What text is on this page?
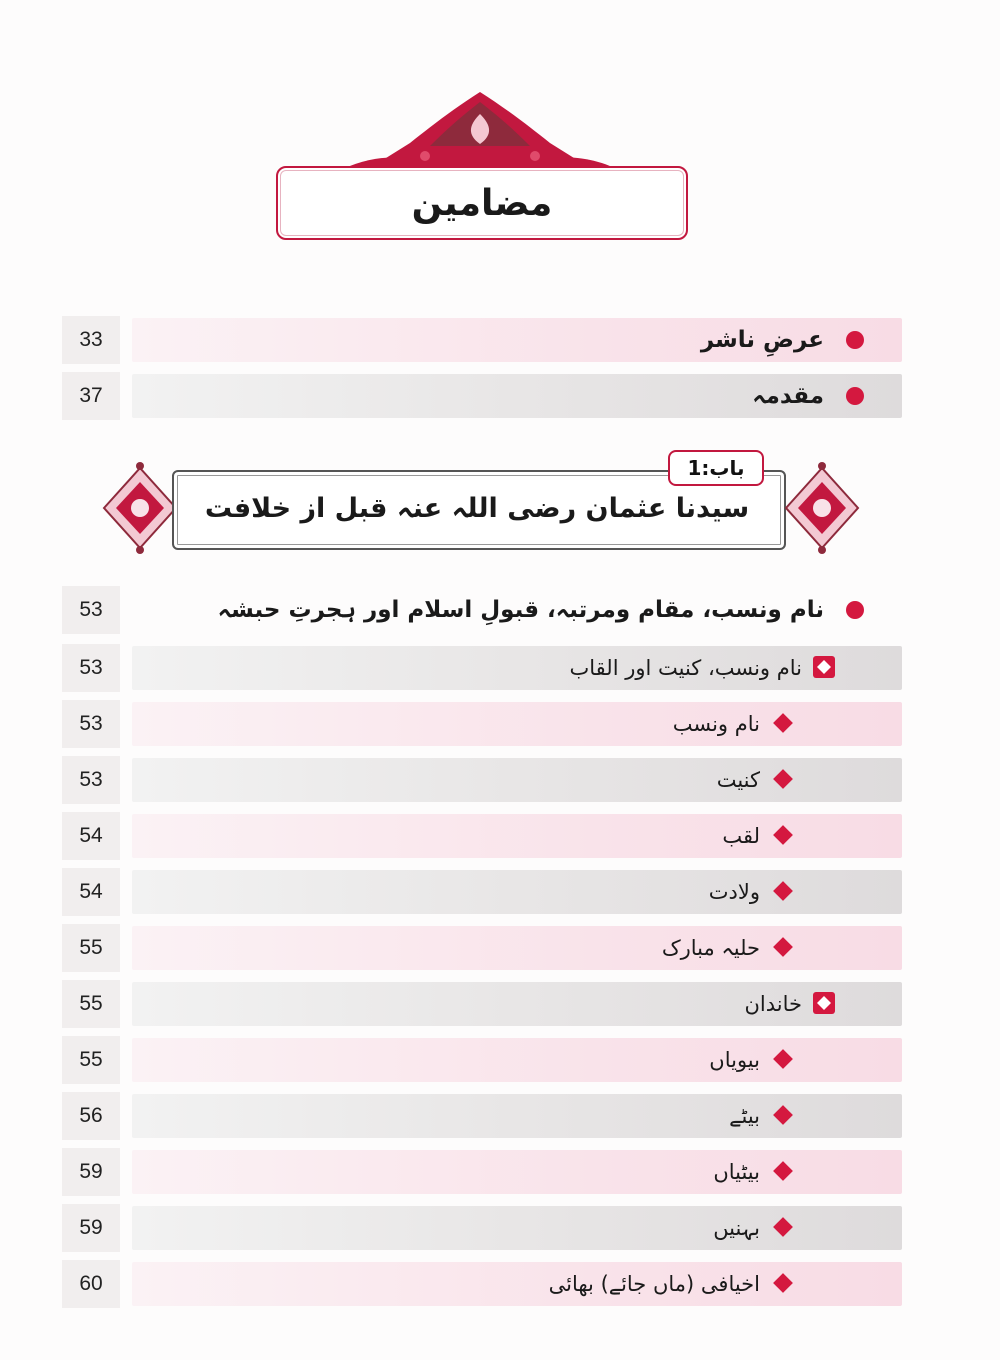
مضامین
33	عرضِ ناشر
37	مقدمہ
سیدنا عثمان رضی اللہ عنہ قبل از خلافت
باب:1
53	نام ونسب، مقام ومرتبہ، قبولِ اسلام اور ہجرتِ حبشہ
53	نام ونسب، کنیت اور القاب
53	نام ونسب
53	کنیت
54	لقب
54	ولادت
55	حلیہ مبارک
55	خاندان
55	بیویاں
56	بیٹے
59	بیٹیاں
59	بہنیں
60	اخیافی (ماں جائے) بھائی
